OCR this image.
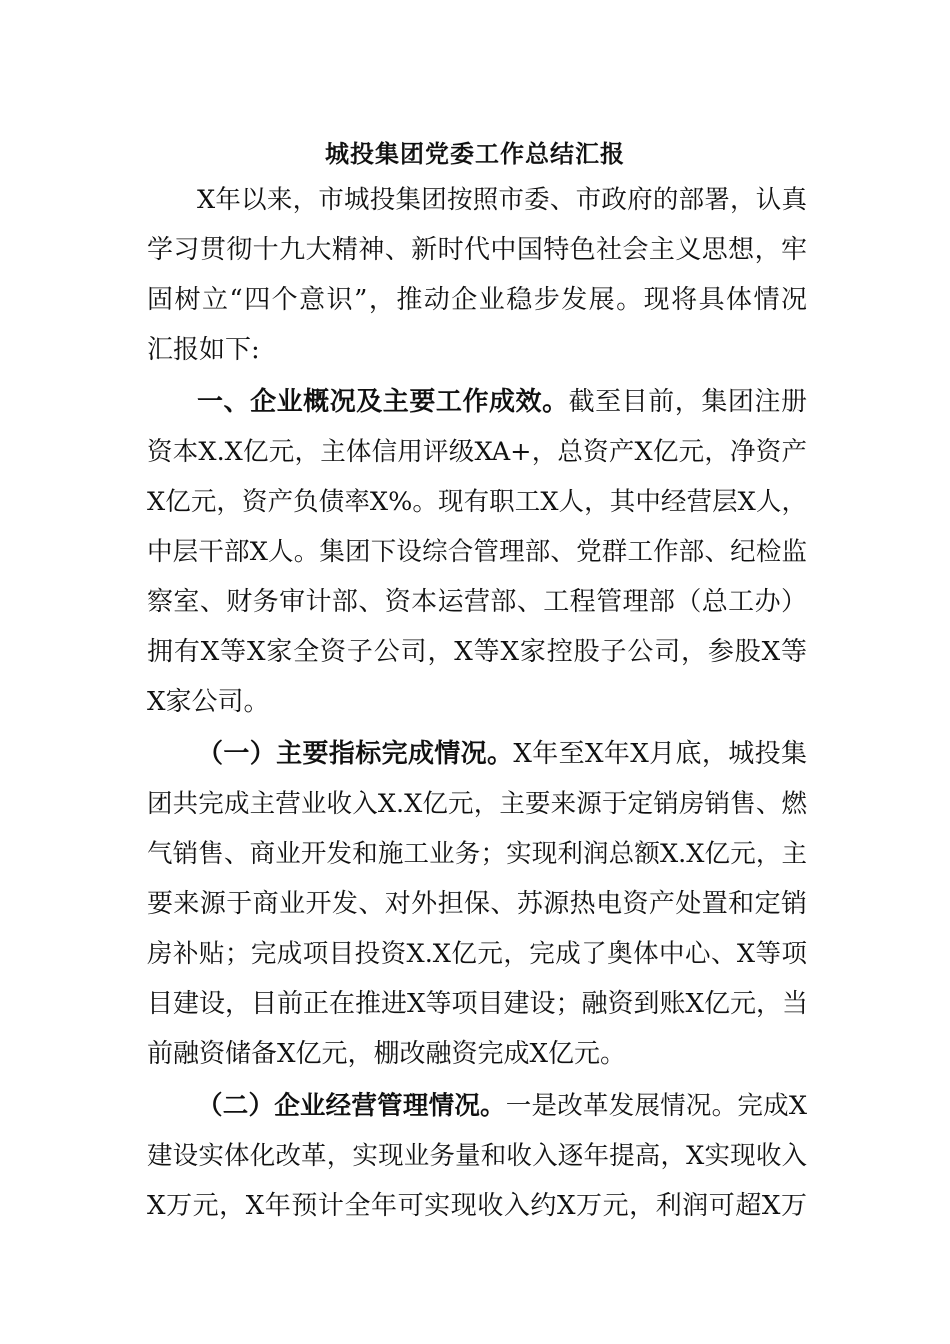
城投集团党委工作总结汇报
X年以来，市城投集团按照市委、市政府的部署，认真
学习贯彻十九大精神、新时代中国特色社会主义思想，牢
固树立“四个意识”，推动企业稳步发展。现将具体情况
汇报如下:
一、企业概况及主要工作成效。截至目前，集团注册
资本X.X亿元，主体信用评级XA+，总资产X亿元，净资产
X亿元，资产负债率X%。现有职工X人，其中经营层X人，
中层干部X人。集团下设综合管理部、党群工作部、纪检监
察室、财务审计部、资本运营部、工程管理部（总工办）
拥有X等X家全资子公司，X等X家控股子公司，参股X等
X家公司。
（一）主要指标完成情况。X年至X年X月底，城投集
团共完成主营业收入X.X亿元，主要来源于定销房销售、燃
气销售、商业开发和施工业务；实现利润总额X.X亿元，主
要来源于商业开发、对外担保、苏源热电资产处置和定销
房补贴；完成项目投资X.X亿元，完成了奥体中心、X等项
目建设，目前正在推进X等项目建设；融资到账X亿元，当
前融资储备X亿元，棚改融资完成X亿元。
（二）企业经营管理情况。一是改革发展情况。完成X
建设实体化改革，实现业务量和收入逐年提高，X实现收入
X万元，X年预计全年可实现收入约X万元，利润可超X万
